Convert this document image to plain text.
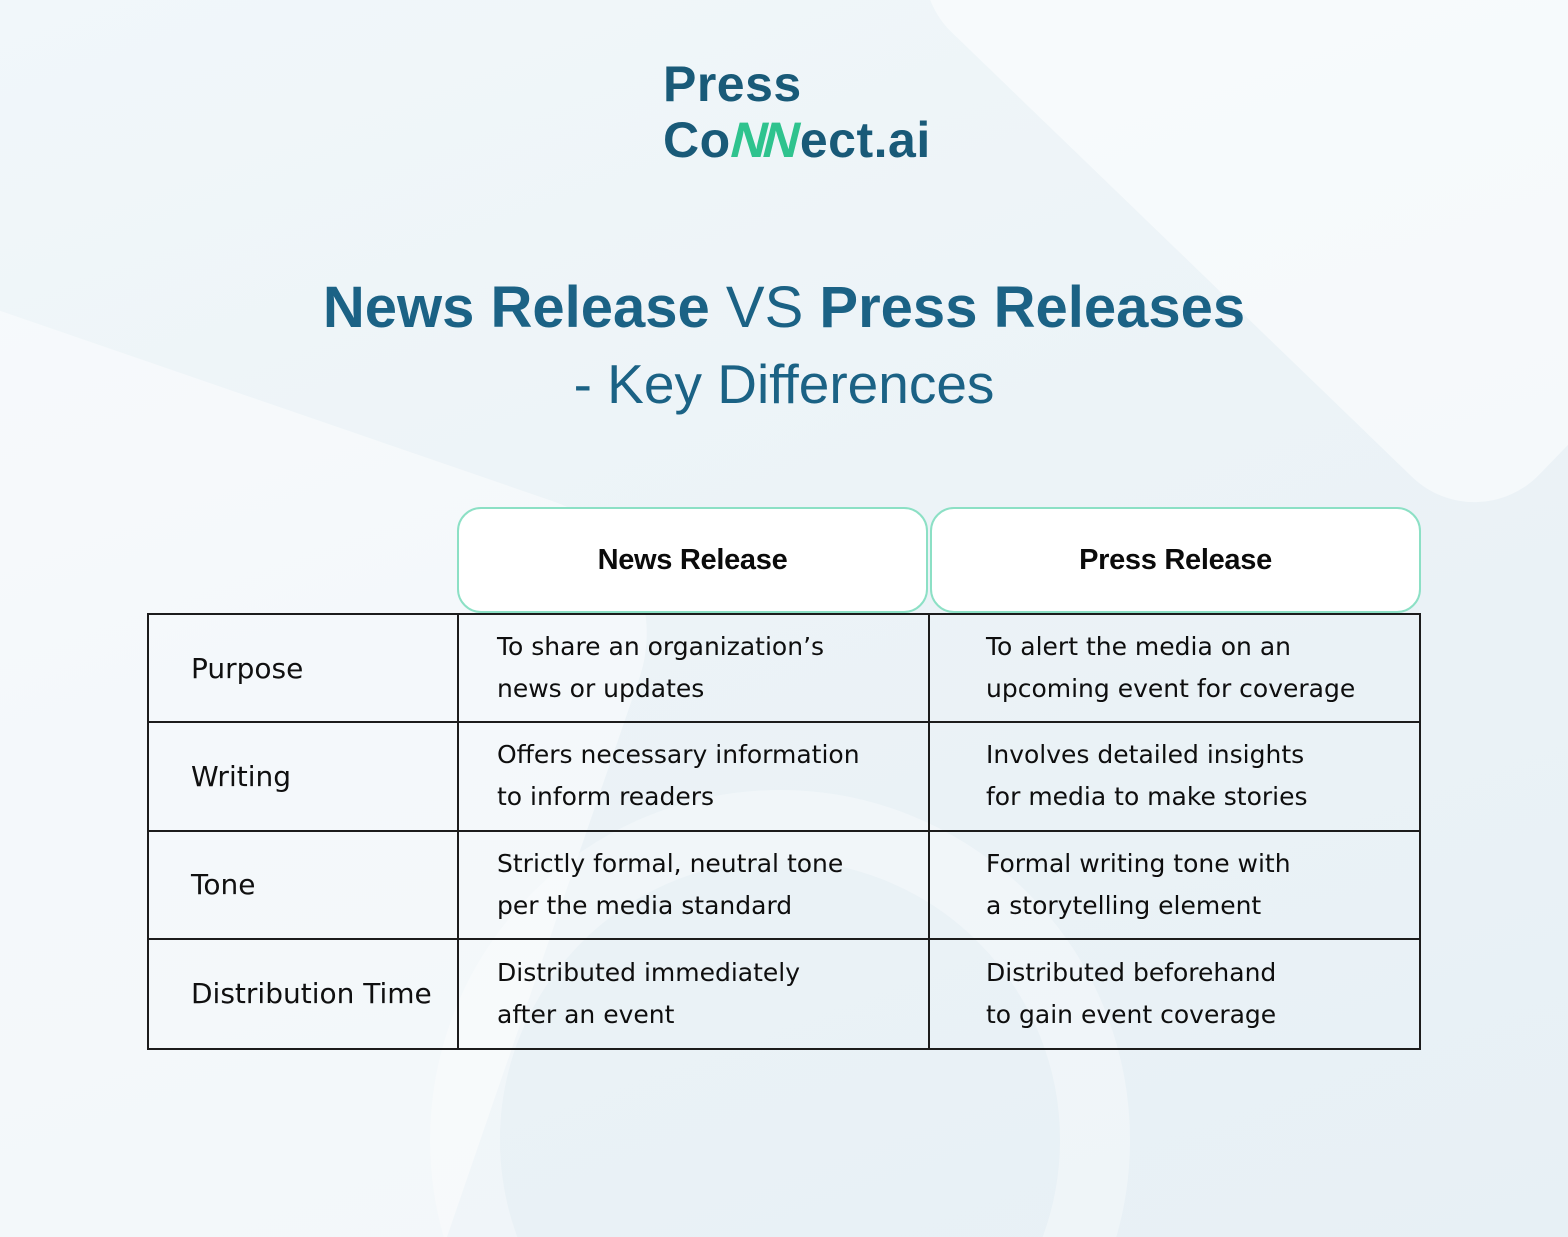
Press
CoNNect.ai
News Release VS Press Releases
- Key Differences
News Release	Press Release
Purpose
To share an organization’s
news or updates
To alert the media on an
upcoming event for coverage
Writing
Offers necessary information
to inform readers
Involves detailed insights
for media to make stories
Tone
Strictly formal, neutral tone
per the media standard
Formal writing tone with
a storytelling element
Distribution Time
Distributed immediately
after an event
Distributed beforehand
to gain event coverage
